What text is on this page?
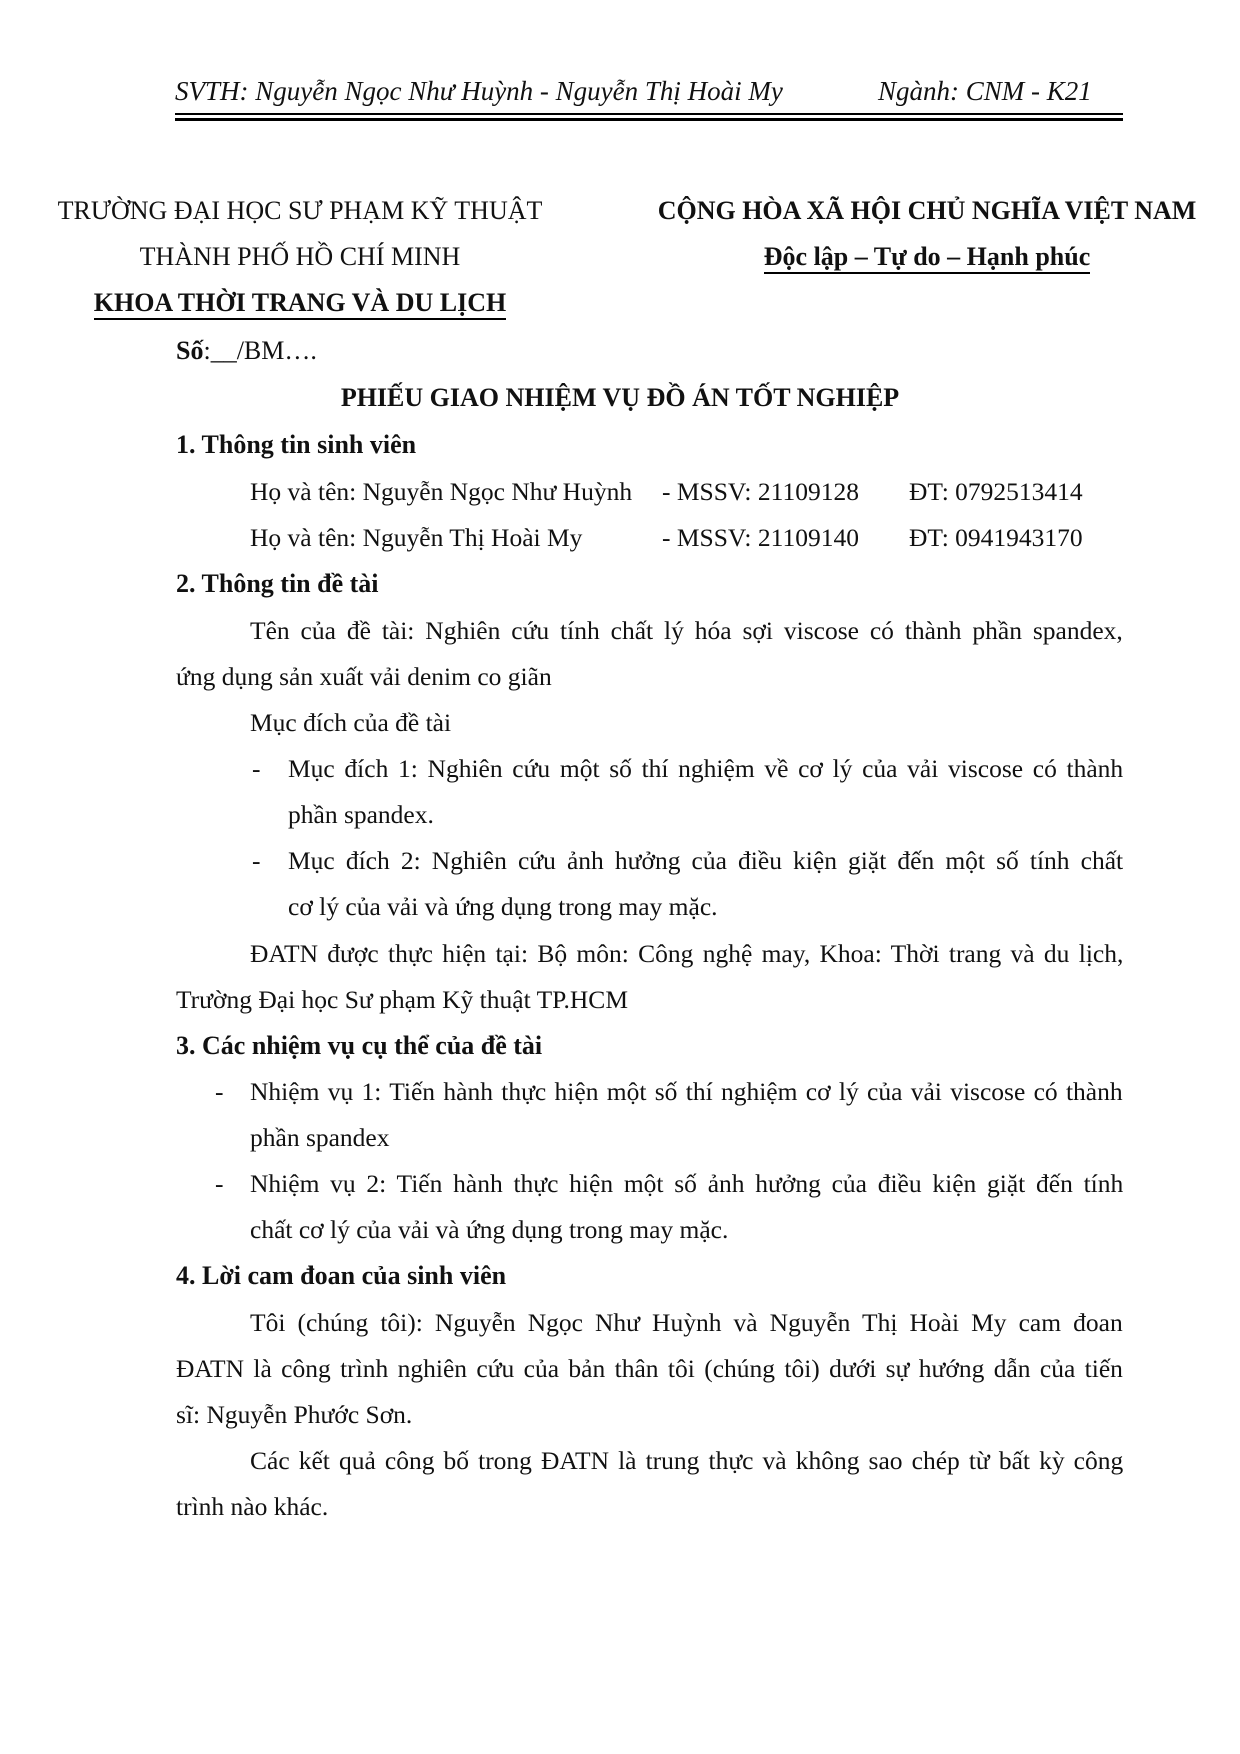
SVTH: Nguyễn Ngọc Như Huỳnh - Nguyễn Thị Hoài My	Ngành: CNM - K21
TRƯỜNG ĐẠI HỌC SƯ PHẠM KỸ THUẬT
THÀNH PHỐ HỒ CHÍ MINH
KHOA THỜI TRANG VÀ DU LỊCH
CỘNG HÒA XÃ HỘI CHỦ NGHĨA VIỆT NAM
Độc lập – Tự do – Hạnh phúc
Số:__/BM….
PHIẾU GIAO NHIỆM VỤ ĐỒ ÁN TỐT NGHIỆP
1. Thông tin sinh viên
Họ và tên: Nguyễn Ngọc Như Huỳnh - MSSV: 21109128 ĐT: 0792513414
Họ và tên: Nguyễn Thị Hoài My	- MSSV: 21109140 ĐT: 0941943170
2. Thông tin đề tài
Tên của đề tài: Nghiên cứu tính chất lý hóa sợi viscose có thành phần spandex,
ứng dụng sản xuất vải denim co giãn
Mục đích của đề tài
- Mục đích 1: Nghiên cứu một số thí nghiệm về cơ lý của vải viscose có thành
phần spandex.
- Mục đích 2: Nghiên cứu ảnh hưởng của điều kiện giặt đến một số tính chất
cơ lý của vải và ứng dụng trong may mặc.
ĐATN được thực hiện tại: Bộ môn: Công nghệ may, Khoa: Thời trang và du lịch,
Trường Đại học Sư phạm Kỹ thuật TP.HCM
3. Các nhiệm vụ cụ thể của đề tài
- Nhiệm vụ 1: Tiến hành thực hiện một số thí nghiệm cơ lý của vải viscose có thành
phần spandex
- Nhiệm vụ 2: Tiến hành thực hiện một số ảnh hưởng của điều kiện giặt đến tính
chất cơ lý của vải và ứng dụng trong may mặc.
4. Lời cam đoan của sinh viên
Tôi (chúng tôi): Nguyễn Ngọc Như Huỳnh và Nguyễn Thị Hoài My cam đoan
ĐATN là công trình nghiên cứu của bản thân tôi (chúng tôi) dưới sự hướng dẫn của tiến
sĩ: Nguyễn Phước Sơn.
Các kết quả công bố trong ĐATN là trung thực và không sao chép từ bất kỳ công
trình nào khác.
